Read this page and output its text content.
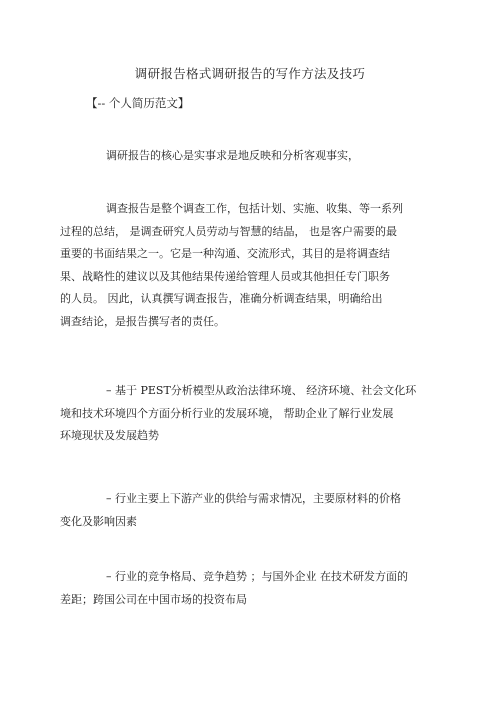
调研报告格式调研报告的写作方法及技巧
【-- 个人简历范文】

调研报告的核心是实事求是地反映和分析客观事实，

调查报告是整个调查工作，包括计划、实施、收集、等一系列
过程的总结， 是调查研究人员劳动与智慧的结晶， 也是客户需要的最
重要的书面结果之一。它是一种沟通、交流形式，其目的是将调查结
果、战略性的建议以及其他结果传递给管理人员或其他担任专门职务
的人员。 因此，认真撰写调查报告，准确分析调查结果，明确给出
调查结论，是报告撰写者的责任。

– 基于 PEST分析模型从政治法律环境、 经济环境、社会文化环
境和技术环境四个方面分析行业的发展环境， 帮助企业了解行业发展
环境现状及发展趋势

– 行业主要上下游产业的供给与需求情况，主要原材料的价格
变化及影响因素

– 行业的竞争格局、竞争趋势 ；与国外企业 在技术研发方面的
差距；跨国公司在中国市场的投资布局
